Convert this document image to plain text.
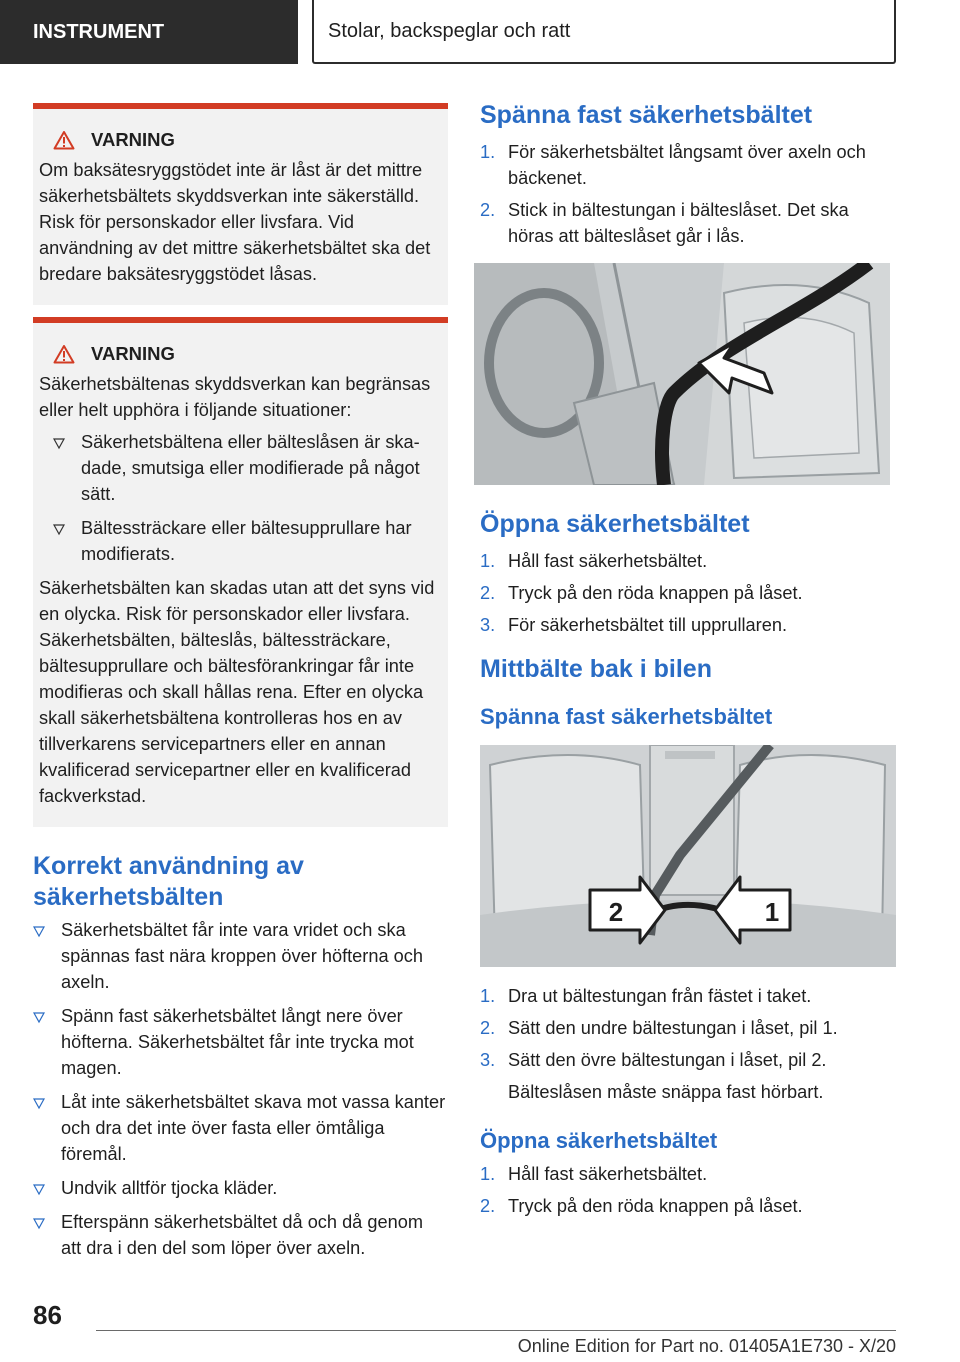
INSTRUMENT	Stolar, backspeglar och ratt
VARNING

Om baksätesryggstödet inte är låst är det mittre säkerhetsbältets skyddsverkan inte säkerställd. Risk för personskador eller livsfara. Vid användning av det mittre säkerhetsbältet ska det bredare baksätesryggstödet låsas.

VARNING

Säkerhetsbältenas skyddsverkan kan begränsas eller helt upphöra i följande situationer:

Säkerhetsbältena eller bälteslåsen är skadade, smutsiga eller modifierade på något sätt.
Bältessträckare eller bältesupprullare har modifierats.

Säkerhetsbälten kan skadas utan att det syns vid en olycka. Risk för personskador eller livsfara. Säkerhetsbälten, bälteslås, bältessträckare, bältesupprullare och bältesförankringar får inte modifieras och skall hållas rena. Efter en olycka skall säkerhetsbältena kontrolleras hos en av tillverkarens servicepartners eller en annan kvalificerad servicepartner eller en kvalificerad fackverkstad.

Korrekt användning av säkerhetsbälten
Säkerhetsbältet får inte vara vridet och ska spännas fast nära kroppen över höfterna och axeln.
Spänn fast säkerhetsbältet långt nere över höfterna. Säkerhetsbältet får inte trycka mot magen.
Låt inte säkerhetsbältet skava mot vassa kanter och dra det inte över fasta eller ömtåliga föremål.
Undvik alltför tjocka kläder.
Efterspänn säkerhetsbältet då och då genom att dra i den del som löper över axeln.
Spänna fast säkerhetsbältet
1. För säkerhetsbältet långsamt över axeln och bäckenet.
2. Stick in bältestungan i bälteslåset. Det ska höras att bälteslåset går i lås.
Öppna säkerhetsbältet
1. Håll fast säkerhetsbältet.
2. Tryck på den röda knappen på låset.
3. För säkerhetsbältet till upprullaren.
Mittbälte bak i bilen
Spänna fast säkerhetsbältet
2	1
1. Dra ut bältestungan från fästet i taket.
2. Sätt den undre bältestungan i låset, pil 1.
3. Sätt den övre bältestungan i låset, pil 2.
Bälteslåsen måste snäppa fast hörbart.
Öppna säkerhetsbältet
1. Håll fast säkerhetsbältet.
2. Tryck på den röda knappen på låset.
86
Online Edition for Part no. 01405A1E730 - X/20
